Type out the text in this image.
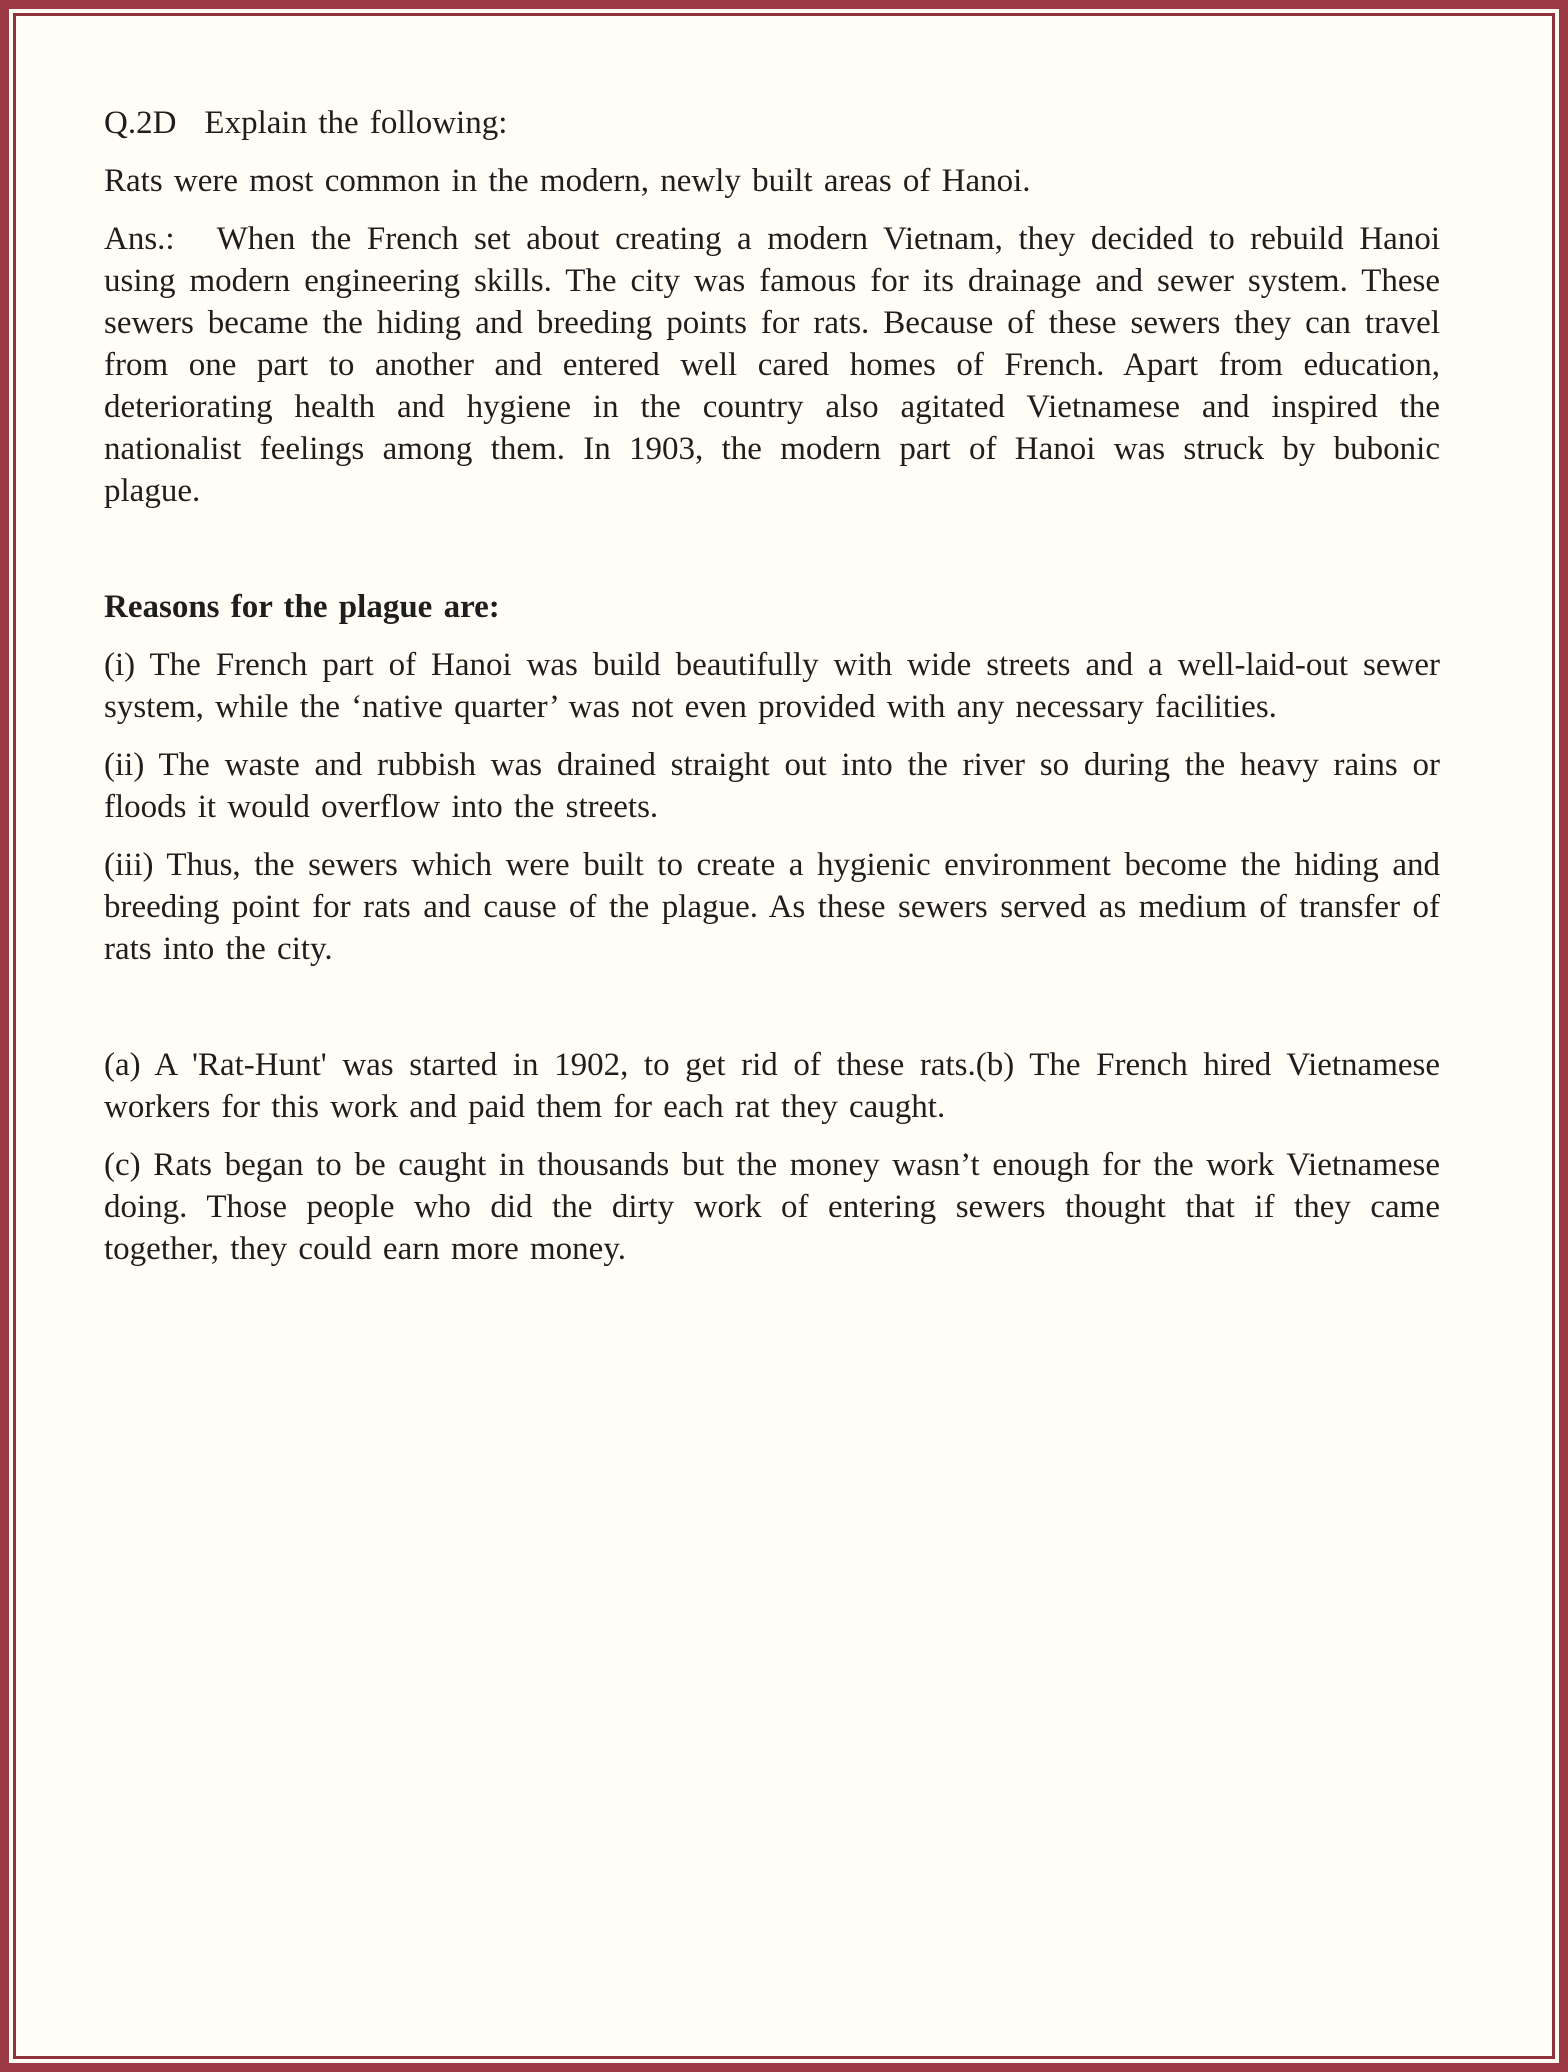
Q.2D Explain the following:

Rats were most common in the modern, newly built areas of Hanoi.

Ans.: When the French set about creating a modern Vietnam, they decided to rebuild Hanoi using modern engineering skills. The city was famous for its drainage and sewer system. These sewers became the hiding and breeding points for rats. Because of these sewers they can travel from one part to another and entered well cared homes of French. Apart from education, deteriorating health and hygiene in the country also agitated Vietnamese and inspired the nationalist feelings among them. In 1903, the modern part of Hanoi was struck by bubonic plague.

Reasons for the plague are:

(i) The French part of Hanoi was build beautifully with wide streets and a well-laid-out sewer system, while the ‘native quarter’ was not even provided with any necessary facilities.

(ii) The waste and rubbish was drained straight out into the river so during the heavy rains or floods it would overflow into the streets.

(iii) Thus, the sewers which were built to create a hygienic environment become the hiding and breeding point for rats and cause of the plague. As these sewers served as medium of transfer of rats into the city.

(a) A 'Rat-Hunt' was started in 1902, to get rid of these rats.(b) The French hired Vietnamese workers for this work and paid them for each rat they caught.

(c) Rats began to be caught in thousands but the money wasn’t enough for the work Vietnamese doing. Those people who did the dirty work of entering sewers thought that if they came together, they could earn more money.
